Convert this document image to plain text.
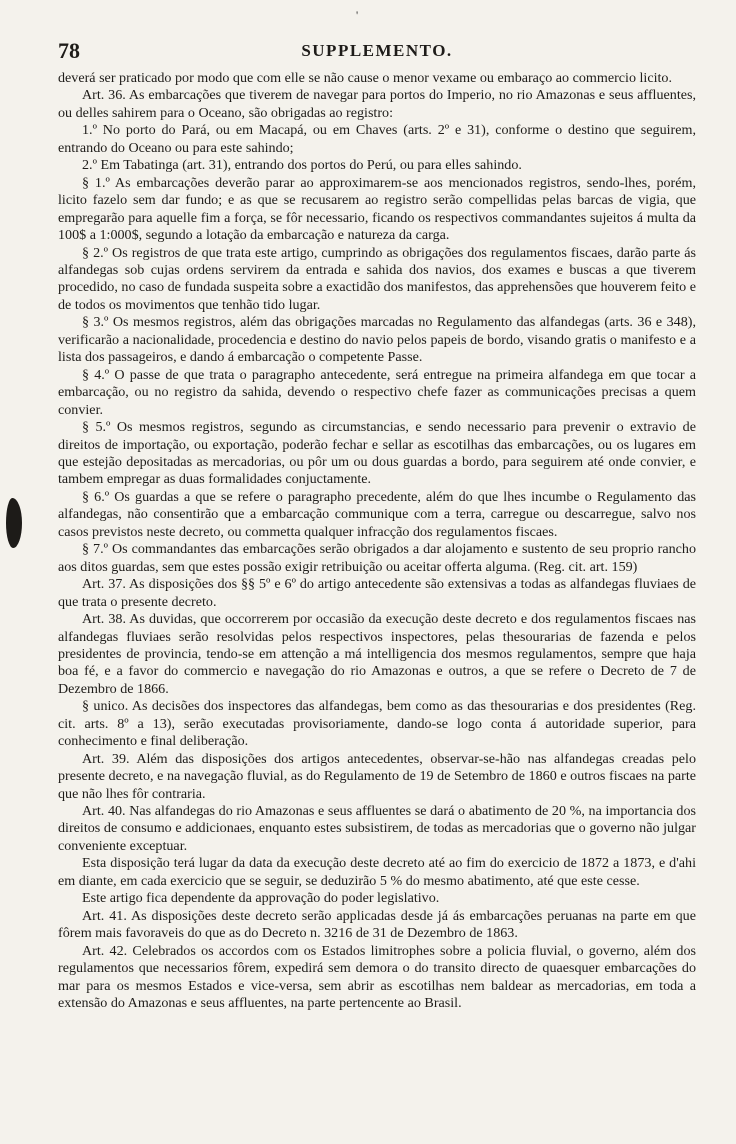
'
78	SUPPLEMENTO.

deverá ser praticado por modo que com elle se não cause o menor vexame ou embaraço ao commercio licito.

Art. 36. As embarcações que tiverem de navegar para portos do Imperio, no rio Amazonas e seus affluentes, ou delles sahirem para o Oceano, são obrigadas ao registro:

1.º No porto do Pará, ou em Macapá, ou em Chaves (arts. 2º e 31), conforme o destino que seguirem, entrando do Oceano ou para este sahindo;

2.º Em Tabatinga (art. 31), entrando dos portos do Perú, ou para elles sahindo.

§ 1.º As embarcações deverão parar ao approximarem-se aos mencionados registros, sendo-lhes, porém, licito fazelo sem dar fundo; e as que se recusarem ao registro serão compellidas pelas barcas de vigia, que empregarão para aquelle fim a força, se fôr necessario, ficando os respectivos commandantes sujeitos á multa da 100$ a 1:000$, segundo a lotação da embarcação e natureza da carga.

§ 2.º Os registros de que trata este artigo, cumprindo as obrigações dos regulamentos fiscaes, darão parte ás alfandegas sob cujas ordens servirem da entrada e sahida dos navios, dos exames e buscas a que tiverem procedido, no caso de fundada suspeita sobre a exactidão dos manifestos, das apprehensões que houverem feito e de todos os movimentos que tenhão tido lugar.

§ 3.º Os mesmos registros, além das obrigações marcadas no Regulamento das alfandegas (arts. 36 e 348), verificarão a nacionalidade, procedencia e destino do navio pelos papeis de bordo, visando gratis o manifesto e a lista dos passageiros, e dando á embarcação o competente Passe.

§ 4.º O passe de que trata o paragrapho antecedente, será entregue na primeira alfandega em que tocar a embarcação, ou no registro da sahida, devendo o respectivo chefe fazer as communicações precisas a quem convier.

§ 5.º Os mesmos registros, segundo as circumstancias, e sendo necessario para prevenir o extravio de direitos de importação, ou exportação, poderão fechar e sellar as escotilhas das embarcações, ou os lugares em que estejão depositadas as mercadorias, ou pôr um ou dous guardas a bordo, para seguirem até onde convier, e tambem empregar as duas formalidades conjuctamente.

§ 6.º Os guardas a que se refere o paragrapho precedente, além do que lhes incumbe o Regulamento das alfandegas, não consentirão que a embarcação communique com a terra, carregue ou descarregue, salvo nos casos previstos neste decreto, ou commetta qualquer infracção dos regulamentos fiscaes.

§ 7.º Os commandantes das embarcações serão obrigados a dar alojamento e sustento de seu proprio rancho aos ditos guardas, sem que estes possão exigir retribuição ou aceitar offerta alguma. (Reg. cit. art. 159)

Art. 37. As disposições dos §§ 5º e 6º do artigo antecedente são extensivas a todas as alfandegas fluviaes de que trata o presente decreto.

Art. 38. As duvidas, que occorrerem por occasião da execução deste decreto e dos regulamentos fiscaes nas alfandegas fluviaes serão resolvidas pelos respectivos inspectores, pelas thesourarias de fazenda e pelos presidentes de provincia, tendo-se em attenção a má intelligencia dos mesmos regulamentos, sempre que haja boa fé, e a favor do commercio e navegação do rio Amazonas e outros, a que se refere o Decreto de 7 de Dezembro de 1866.

§ unico. As decisões dos inspectores das alfandegas, bem como as das thesourarias e dos presidentes (Reg. cit. arts. 8º a 13), serão executadas provisoriamente, dando-se logo conta á autoridade superior, para conhecimento e final deliberação.

Art. 39. Além das disposições dos artigos antecedentes, observar-se-hão nas alfandegas creadas pelo presente decreto, e na navegação fluvial, as do Regulamento de 19 de Setembro de 1860 e outros fiscaes na parte que não lhes fôr contraria.

Art. 40. Nas alfandegas do rio Amazonas e seus affluentes se dará o abatimento de 20 %, na importancia dos direitos de consumo e addicionaes, enquanto estes subsistirem, de todas as mercadorias que o governo não julgar conveniente exceptuar.

Esta disposição terá lugar da data da execução deste decreto até ao fim do exercicio de 1872 a 1873, e d'ahi em diante, em cada exercicio que se seguir, se deduzirão 5 % do mesmo abatimento, até que este cesse.

Este artigo fica dependente da approvação do poder legislativo.

Art. 41. As disposições deste decreto serão applicadas desde já ás embarcações peruanas na parte em que fôrem mais favoraveis do que as do Decreto n. 3216 de 31 de Dezembro de 1863.

Art. 42. Celebrados os accordos com os Estados limitrophes sobre a policia fluvial, o governo, além dos regulamentos que necessarios fôrem, expedirá sem demora o do transito directo de quaesquer embarcações do mar para os mesmos Estados e vice-versa, sem abrir as escotilhas nem baldear as mercadorias, em toda a extensão do Amazonas e seus affluentes, na parte pertencente ao Brasil.
